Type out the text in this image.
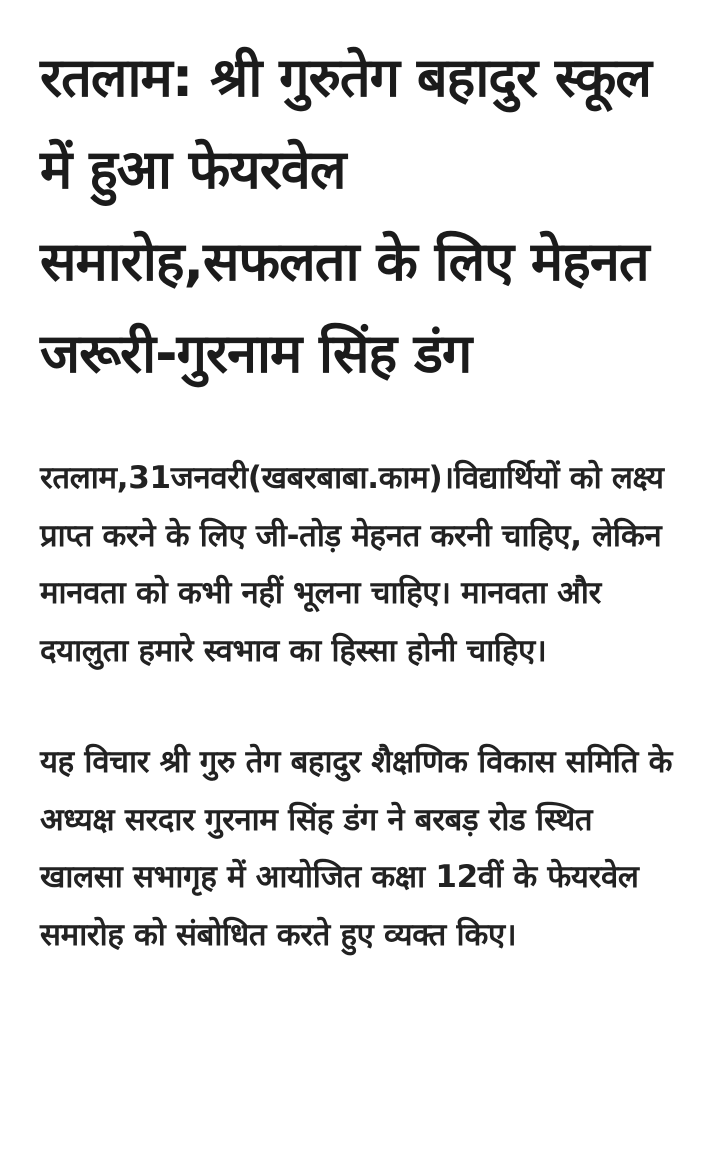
रतलाम: श्री गुरुतेग बहादुर स्कूल में हुआ फेयरवेल समारोह,सफलता के लिए मेहनत जरूरी-गुरनाम सिंह डंग

रतलाम,31जनवरी(खबरबाबा.काम)।विद्यार्थियों को लक्ष्य प्राप्त करने के लिए जी-तोड़ मेहनत करनी चाहिए, लेकिन मानवता को कभी नहीं भूलना चाहिए। मानवता और दयालुता हमारे स्वभाव का हिस्सा होनी चाहिए।

यह विचार श्री गुरु तेग बहादुर शैक्षणिक विकास समिति के अध्यक्ष सरदार गुरनाम सिंह डंग ने बरबड़ रोड स्थित खालसा सभागृह में आयोजित कक्षा 12वीं के फेयरवेल समारोह को संबोधित करते हुए व्यक्त किए।
